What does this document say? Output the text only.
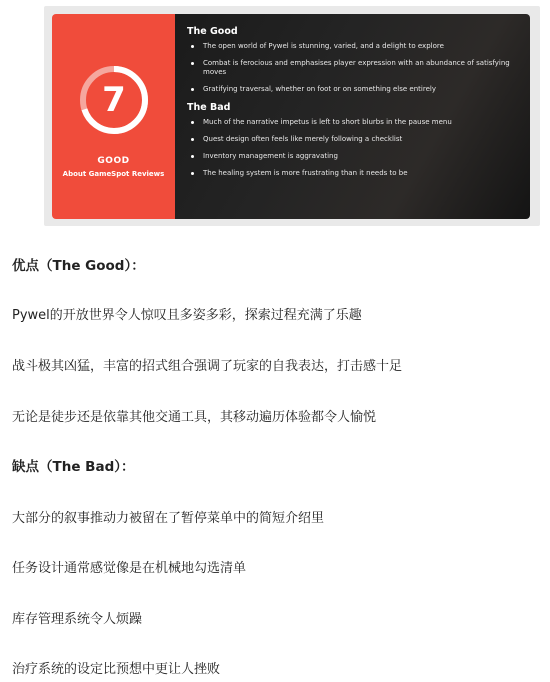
7
GOOD
About GameSpot Reviews
The Good
The open world of Pywel is stunning, varied, and a delight to explore
Combat is ferocious and emphasises player expression with an abundance of satisfying moves
Gratifying traversal, whether on foot or on something else entirely
The Bad
Much of the narrative impetus is left to short blurbs in the pause menu
Quest design often feels like merely following a checklist
Inventory management is aggravating
The healing system is more frustrating than it needs to be

优点（The Good）：

Pywel的开放世界令人惊叹且多姿多彩，探索过程充满了乐趣

战斗极其凶猛，丰富的招式组合强调了玩家的自我表达，打击感十足

无论是徒步还是依靠其他交通工具，其移动遍历体验都令人愉悦

缺点（The Bad）：

大部分的叙事推动力被留在了暂停菜单中的简短介绍里

任务设计通常感觉像是在机械地勾选清单

库存管理系统令人烦躁

治疗系统的设定比预想中更让人挫败
